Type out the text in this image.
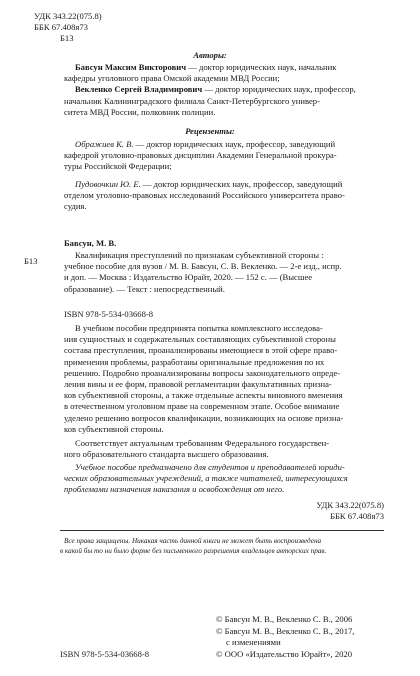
УДК 343.22(075.8)
ББК 67.408я73
Б13
Авторы:
Бавсун Максим Викторович — доктор юридических наук, начальник
кафедры уголовного права Омской академии МВД России;
Векленко Сергей Владимирович — доктор юридических наук, профессор,
начальник Калининградского филиала Санкт-Петербургского универ-
ситета МВД России, полковник полиции.
Рецензенты:
Ображиев К. В. — доктор юридических наук, профессор, заведующий
кафедрой уголовно-правовых дисциплин Академии Генеральной прокура-
туры Российской Федерации;
Пудовочкин Ю. Е. — доктор юридических наук, профессор, заведующий
отделом уголовно-правовых исследований Российского университета право-
судия.
Бавсун, М. В.
Б13
Квалификация преступлений по признакам субъективной стороны :
учебное пособие для вузов / М. В. Бавсун, С. В. Векленко. — 2-е изд., испр.
и доп. — Москва : Издательство Юрайт, 2020. — 152 с. — (Высшее
образование). — Текст : непосредственный.
ISBN 978-5-534-03668-8
В учебном пособии предпринята попытка комплексного исследова-
ния сущностных и содержательных составляющих субъективной стороны
состава преступления, проанализированы имеющиеся в этой сфере право-
применения проблемы, разработаны оригинальные предложения по их
решению. Подробно проанализированы вопросы законодательного опреде-
ления вины и ее форм, правовой регламентации факультативных призна-
ков субъективной стороны, а также отдельные аспекты виновного вменения
в отечественном уголовном праве на современном этапе. Особое внимание
уделено решению вопросов квалификации, возникающих на основе призна-
ков субъективной стороны.
Соответствует актуальным требованиям Федерального государствен-
ного образовательного стандарта высшего образования.
Учебное пособие предназначено для студентов и преподавателей юриди-
ческих образовательных учреждений, а также читателей, интересующихся
проблемами назначения наказания и освобождения от него.
УДК 343.22(075.8)
ББК 67.408я73
Все права защищены. Никакая часть данной книги не может быть воспроизведена
в какой бы то ни было форме без письменного разрешения владельцев авторских прав.
© Бавсун М. В., Векленко С. В., 2006
© Бавсун М. В., Векленко С. В., 2017,
с изменениями
ISBN 978-5-534-03668-8	© ООО «Издательство Юрайт», 2020
